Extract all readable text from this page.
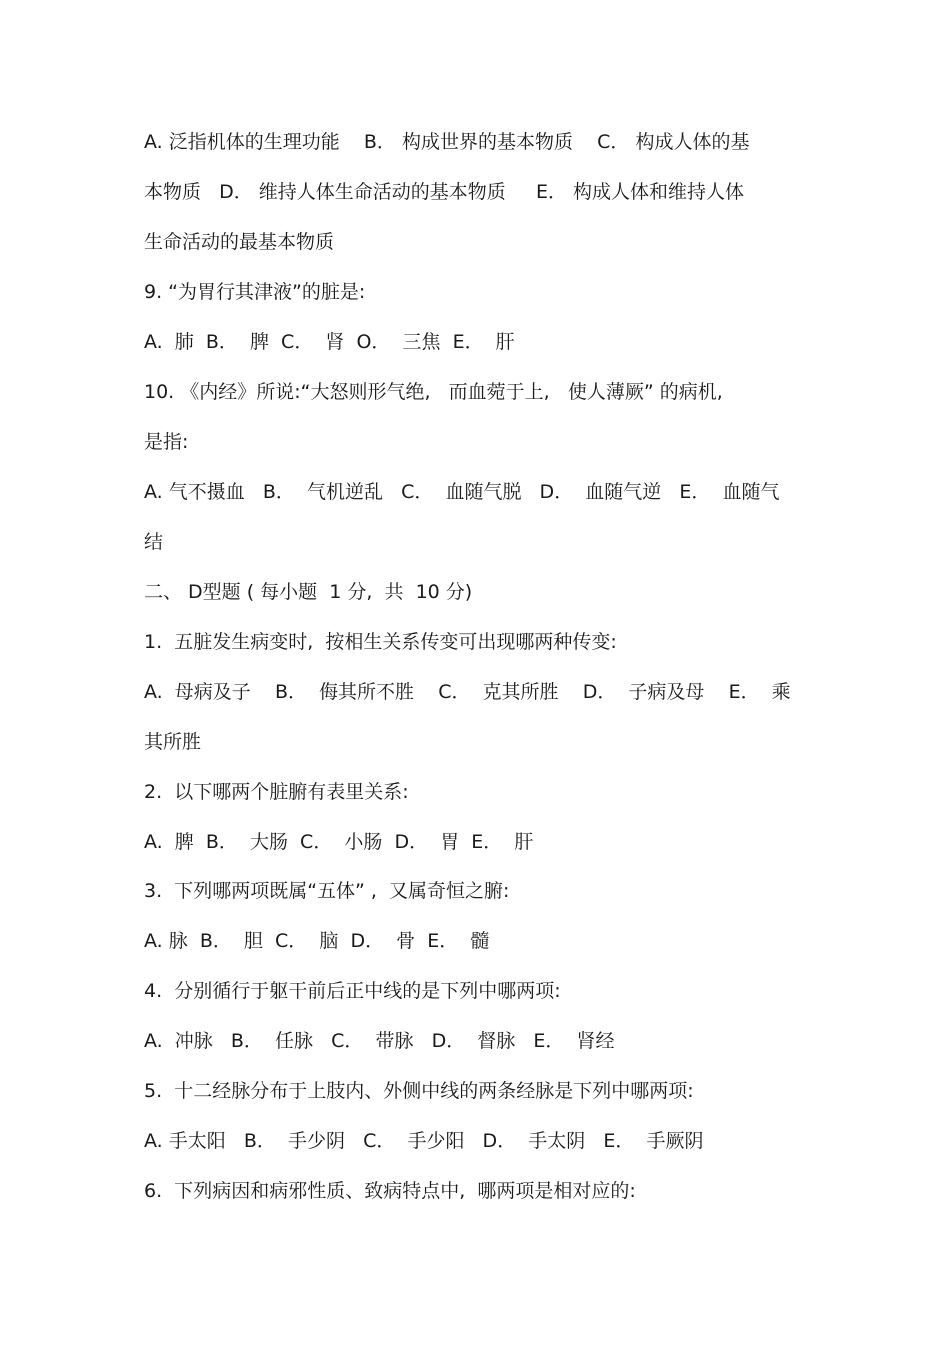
A. 泛指机体的生理功能    B． 构成世界的基本物质    C． 构成人体的基
本物质   D． 维持人体生命活动的基本物质     E． 构成人体和维持人体
生命活动的最基本物质
9. “为胃行其津液”的脏是:
A.  肺  B．  脾  C．  肾  O．  三焦  E．  肝
10. 《内经》所说:“大怒则形气绝,   而血菀于上,   使人薄厥” 的病机,
是指:
A. 气不摄血   B．  气机逆乱   C．  血随气脱   D．  血随气逆   E．  血随气
结
二、 D型题 ( 每小题  1 分,  共  10 分)
1.  五脏发生病变时,  按相生关系传变可出现哪两种传变:
A.  母病及子    B．  侮其所不胜    C．  克其所胜    D．  子病及母    E．  乘
其所胜
2.  以下哪两个脏腑有表里关系:
A.  脾  B．  大肠  C．  小肠  D．  胃  E．  肝
3.  下列哪两项既属“五体” ,  又属奇恒之腑:
A. 脉  B．  胆  C．  脑  D．  骨  E．  髓
4.  分别循行于躯干前后正中线的是下列中哪两项:
A.  冲脉   B．  任脉   C．  带脉   D．  督脉   E．  肾经
5.  十二经脉分布于上肢内、外侧中线的两条经脉是下列中哪两项:
A. 手太阳   B．  手少阴   C．  手少阳   D．  手太阴   E．  手厥阴
6.  下列病因和病邪性质、致病特点中,  哪两项是相对应的:
